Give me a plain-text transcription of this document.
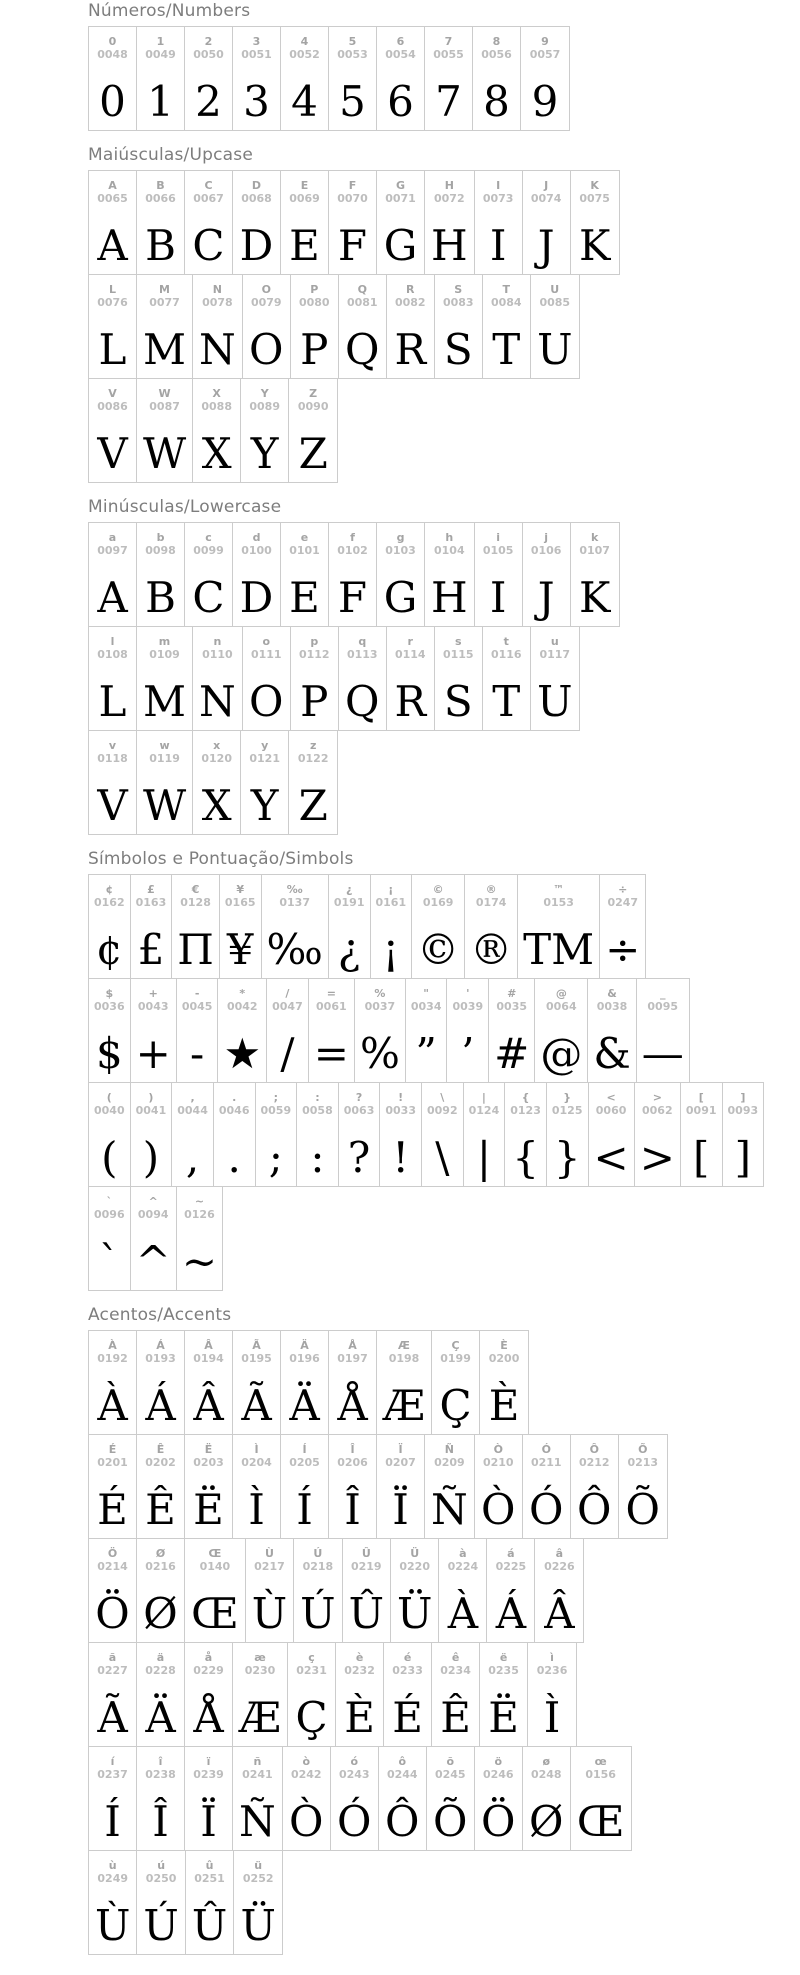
Números/Numbers
0
0048
0
1
0049
1
2
0050
2
3
0051
3
4
0052
4
5
0053
5
6
0054
6
7
0055
7
8
0056
8
9
0057
9
Maiúsculas/Upcase
A
0065
A
B
0066
B
C
0067
C
D
0068
D
E
0069
E
F
0070
F
G
0071
G
H
0072
H
I
0073
I
J
0074
J
K
0075
K
L
0076
L
M
0077
M
N
0078
N
O
0079
O
P
0080
P
Q
0081
Q
R
0082
R
S
0083
S
T
0084
T
U
0085
U
V
0086
V
W
0087
W
X
0088
X
Y
0089
Y
Z
0090
Z
Minúsculas/Lowercase
a
0097
A
b
0098
B
c
0099
C
d
0100
D
e
0101
E
f
0102
F
g
0103
G
h
0104
H
i
0105
I
j
0106
J
k
0107
K
l
0108
L
m
0109
M
n
0110
N
o
0111
O
p
0112
P
q
0113
Q
r
0114
R
s
0115
S
t
0116
T
u
0117
U
v
0118
V
w
0119
W
x
0120
X
y
0121
Y
z
0122
Z
Símbolos e Pontuação/Simbols
¢
0162
¢
£
0163
£
€
0128
Π
¥
0165
¥
‰
0137
‰
¿
0191
¿
¡
0161
¡
©
0169
©
®
0174
®
™
0153
TM
÷
0247
÷
$
0036
$
+
0043
+
-
0045
-
*
0042
★
/
0047
/
=
0061
=
%
0037
%
"
0034
”
'
0039
’
#
0035
#
@
0064
@
&
0038
&
_
0095
—
(
0040
(
)
0041
)
,
0044
,
.
0046
.
;
0059
;
:
0058
:
?
0063
?
!
0033
!
\
0092
\
|
0124
|
{
0123
{
}
0125
}
<
0060
<
>
0062
>
[
0091
[
]
0093
]
`
0096
`
^
0094
^
~
0126
~
Acentos/Accents
À
0192
À
Á
0193
Á
Â
0194
Â
Ã
0195
Ã
Ä
0196
Ä
Å
0197
Å
Æ
0198
Æ
Ç
0199
Ç
È
0200
È
É
0201
É
Ê
0202
Ê
Ë
0203
Ë
Ì
0204
Ì
Í
0205
Í
Î
0206
Î
Ï
0207
Ï
Ñ
0209
Ñ
Ò
0210
Ò
Ó
0211
Ó
Ô
0212
Ô
Õ
0213
Õ
Ö
0214
Ö
Ø
0216
Ø
Œ
0140
Œ
Ù
0217
Ù
Ú
0218
Ú
Û
0219
Û
Ü
0220
Ü
à
0224
À
á
0225
Á
â
0226
Â
ã
0227
Ã
ä
0228
Ä
å
0229
Å
æ
0230
Æ
ç
0231
Ç
è
0232
È
é
0233
É
ê
0234
Ê
ë
0235
Ë
ì
0236
Ì
í
0237
Í
î
0238
Î
ï
0239
Ï
ñ
0241
Ñ
ò
0242
Ò
ó
0243
Ó
ô
0244
Ô
õ
0245
Õ
ö
0246
Ö
ø
0248
Ø
œ
0156
Œ
ù
0249
Ù
ú
0250
Ú
û
0251
Û
ü
0252
Ü
